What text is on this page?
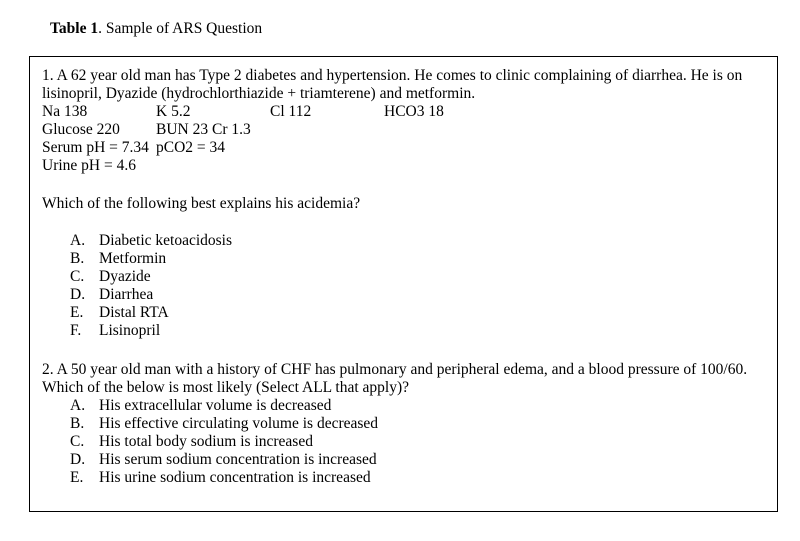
Table 1. Sample of ARS Question
1. A 62 year old man has Type 2 diabetes and hypertension. He comes to clinic complaining of diarrhea. He is on
lisinopril, Dyazide (hydrochlorthiazide + triamterene) and metformin.
Na 138	K 5.2	Cl 112	HCO3 18
Glucose 220 BUN 23 Cr 1.3
Serum pH = 7.34 pCO2 = 34
Urine pH = 4.6
Which of the following best explains his acidemia?
A. Diabetic ketoacidosis
B. Metformin
C. Dyazide
D. Diarrhea
E. Distal RTA
F. Lisinopril
2. A 50 year old man with a history of CHF has pulmonary and peripheral edema, and a blood pressure of 100/60.
Which of the below is most likely (Select ALL that apply)?
A. His extracellular volume is decreased
B. His effective circulating volume is decreased
C. His total body sodium is increased
D. His serum sodium concentration is increased
E. His urine sodium concentration is increased
